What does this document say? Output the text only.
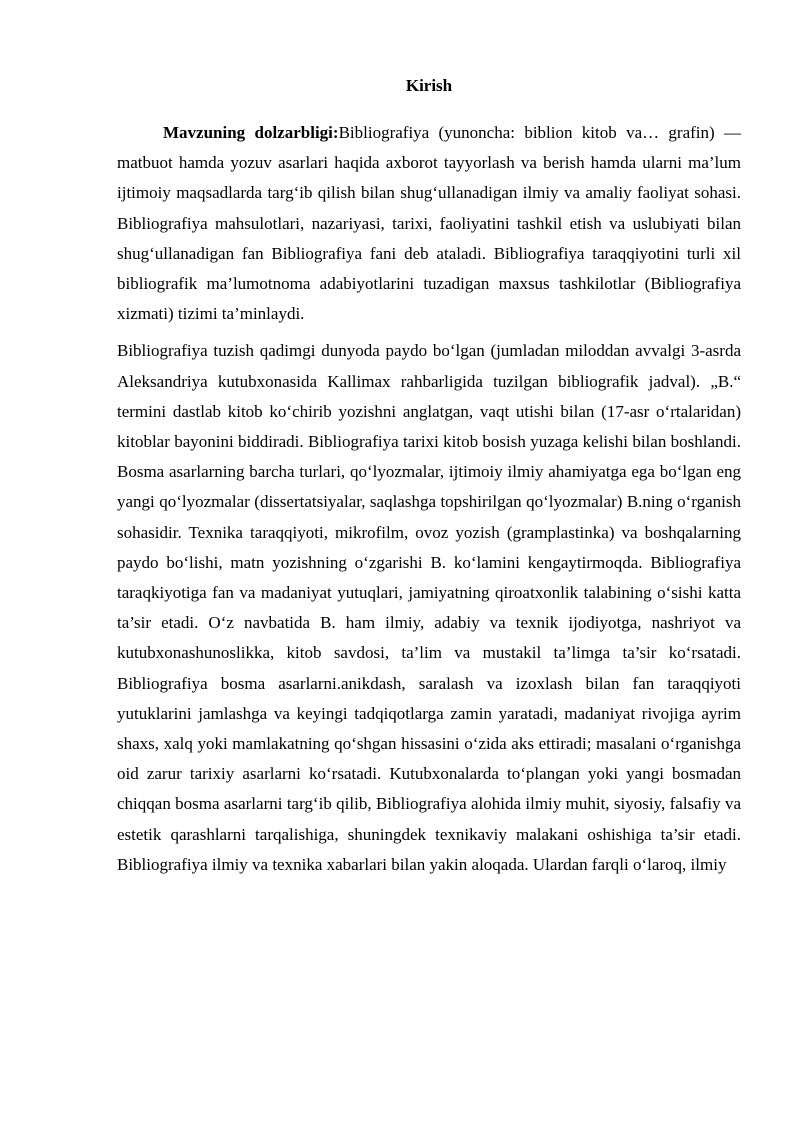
Kirish

Mavzuning dolzarbligi:Bibliografiya (yunoncha: biblion kitob va… grafin) — matbuot hamda yozuv asarlari haqida axborot tayyorlash va berish hamda ularni ma’lum ijtimoiy maqsadlarda targ‘ib qilish bilan shug‘ullanadigan ilmiy va amaliy faoliyat sohasi. Bibliografiya mahsulotlari, nazariyasi, tarixi, faoliyatini tashkil etish va uslubiyati bilan shug‘ullanadigan fan Bibliografiya fani deb ataladi. Bibliografiya taraqqiyotini turli xil bibliografik ma’lumotnoma adabiyotlarini tuzadigan maxsus tashkilotlar (Bibliografiya xizmati) tizimi ta’minlaydi.

Bibliografiya tuzish qadimgi dunyoda paydo bo‘lgan (jumladan miloddan avvalgi 3-asrda Aleksandriya kutubxonasida Kallimax rahbarligida tuzilgan bibliografik jadval). „B.“ termini dastlab kitob ko‘chirib yozishni anglatgan, vaqt utishi bilan (17-asr o‘rtalaridan) kitoblar bayonini biddiradi. Bibliografiya tarixi kitob bosish yuzaga kelishi bilan boshlandi. Bosma asarlarning barcha turlari, qo‘lyozmalar, ijtimoiy ilmiy ahamiyatga ega bo‘lgan eng yangi qo‘lyozmalar (dissertatsiyalar, saqlashga topshirilgan qo‘lyozmalar) B.ning o‘rganish sohasidir. Texnika taraqqiyoti, mikrofilm, ovoz yozish (gramplastinka) va boshqalarning paydo bo‘lishi, matn yozishning o‘zgarishi B. ko‘lamini kengaytirmoqda. Bibliografiya taraqkiyotiga fan va madaniyat yutuqlari, jamiyatning qiroatxonlik talabining o‘sishi katta ta’sir etadi. O‘z navbatida B. ham ilmiy, adabiy va texnik ijodiyotga, nashriyot va kutubxonashunoslikka, kitob savdosi, ta’lim va mustakil ta’limga ta’sir ko‘rsatadi. Bibliografiya bosma asarlarni.anikdash, saralash va izoxlash bilan fan taraqqiyoti yutuklarini jamlashga va keyingi tadqiqotlarga zamin yaratadi, madaniyat rivojiga ayrim shaxs, xalq yoki mamlakatning qo‘shgan hissasini o‘zida aks ettiradi; masalani o‘rganishga oid zarur tarixiy asarlarni ko‘rsatadi. Kutubxonalarda to‘plangan yoki yangi bosmadan chiqqan bosma asarlarni targ‘ib qilib, Bibliografiya alohida ilmiy muhit, siyosiy, falsafiy va estetik qarashlarni tarqalishiga, shuningdek texnikaviy malakani oshishiga ta’sir etadi. Bibliografiya ilmiy va texnika xabarlari bilan yakin aloqada. Ulardan farqli o‘laroq, ilmiy
